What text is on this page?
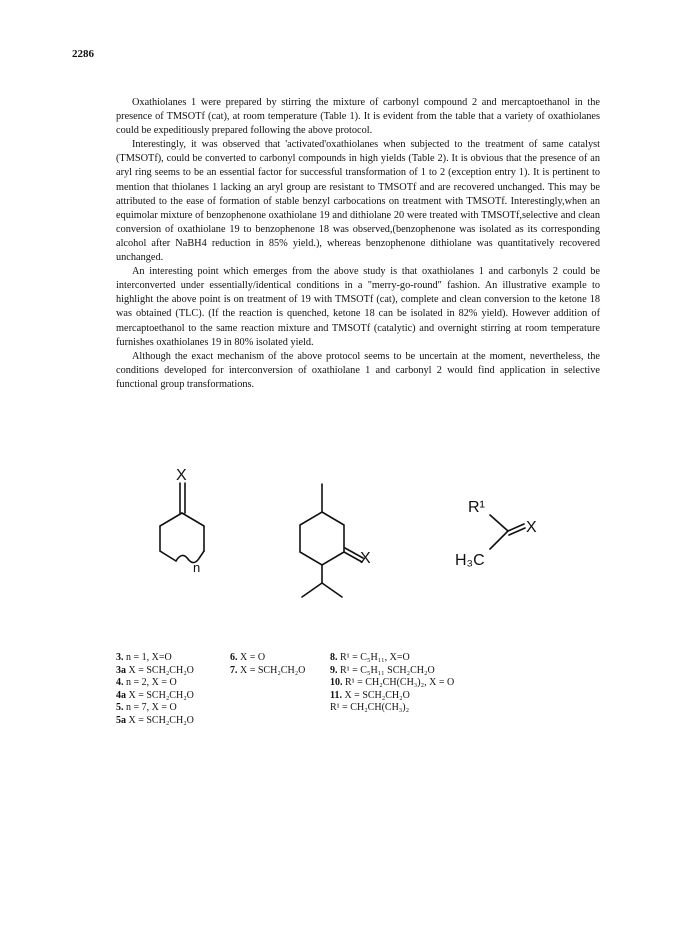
2286

Oxathiolanes 1 were prepared by stirring the mixture of carbonyl compound 2 and mercaptoethanol in the presence of TMSOTf (cat), at room temperature (Table 1). It is evident from the table that a variety of oxathiolanes could be expeditiously prepared following the above protocol.

Interestingly, it was observed that 'activated'oxathiolanes when subjected to the treatment of same catalyst (TMSOTf), could be converted to carbonyl compounds in high yields (Table 2). It is obvious that the presence of an aryl ring seems to be an essential factor for successful transformation of 1 to 2 (exception entry 1). It is pertinent to mention that thiolanes 1 lacking an aryl group are resistant to TMSOTf and are recovered unchanged. This may be attributed to the ease of formation of stable benzyl carbocations on treatment with TMSOTf. Interestingly,when an equimolar mixture of benzophenone oxathiolane 19 and dithiolane 20 were treated with TMSOTf,selective and clean conversion of oxathiolane 19 to benzophenone 18 was observed,(benzophenone was isolated as its corresponding alcohol after NaBH4 reduction in 85% yield.), whereas benzophenone dithiolane was quantitatively recovered unchanged.

An interesting point which emerges from the above study is that oxathiolanes 1 and carbonyls 2 could be interconverted under essentially/identical conditions in a "merry-go-round" fashion. An illustrative example to highlight the above point is on treatment of 19 with TMSOTf (cat), complete and clean conversion to the ketone 18 was obtained (TLC). (If the reaction is quenched, ketone 18 can be isolated in 82% yield). However addition of mercaptoethanol to the same reaction mixture and TMSOTf (catalytic) and overnight stirring at room temperature furnishes oxathiolanes 19 in 80% isolated yield.

Although the exact mechanism of the above protocol seems to be uncertain at the moment, nevertheless, the conditions developed for interconversion of oxathiolane 1 and carbonyl 2 would find application in selective functional group transformations.

X
n
X
R¹
X
H₃C
3. n = 1, X=O
3a X = SCH₂CH₂O
4. n = 2, X = O
4a X = SCH₂CH₂O
5. n = 7, X = O
5a X = SCH₂CH₂O
6. X = O
7. X = SCH₂CH₂O
8. R¹ = C₅H₁₁, X=O
9. R¹ = C₅H₁₁ SCH₂CH₂O
10. R¹ = CH₂CH(CH₃)₂, X = O
11. X = SCH₂CH₂O
R¹ = CH₂CH(CH₃)₂
